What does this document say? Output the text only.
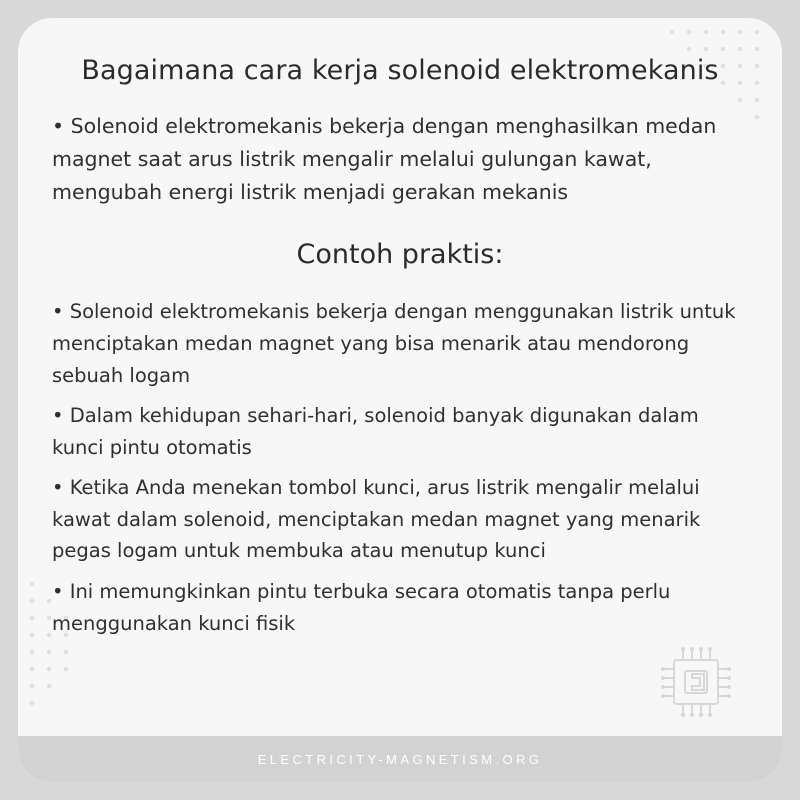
Bagaimana cara kerja solenoid elektromekanis

• Solenoid elektromekanis bekerja dengan menghasilkan medan magnet saat arus listrik mengalir melalui gulungan kawat, mengubah energi listrik menjadi gerakan mekanis

Contoh praktis:
• Solenoid elektromekanis bekerja dengan menggunakan listrik untuk menciptakan medan magnet yang bisa menarik atau mendorong sebuah logam
• Dalam kehidupan sehari-hari, solenoid banyak digunakan dalam kunci pintu otomatis
• Ketika Anda menekan tombol kunci, arus listrik mengalir melalui kawat dalam solenoid, menciptakan medan magnet yang menarik pegas logam untuk membuka atau menutup kunci
• Ini memungkinkan pintu terbuka secara otomatis tanpa perlu menggunakan kunci fisik
ELECTRICITY-MAGNETISM.ORG
